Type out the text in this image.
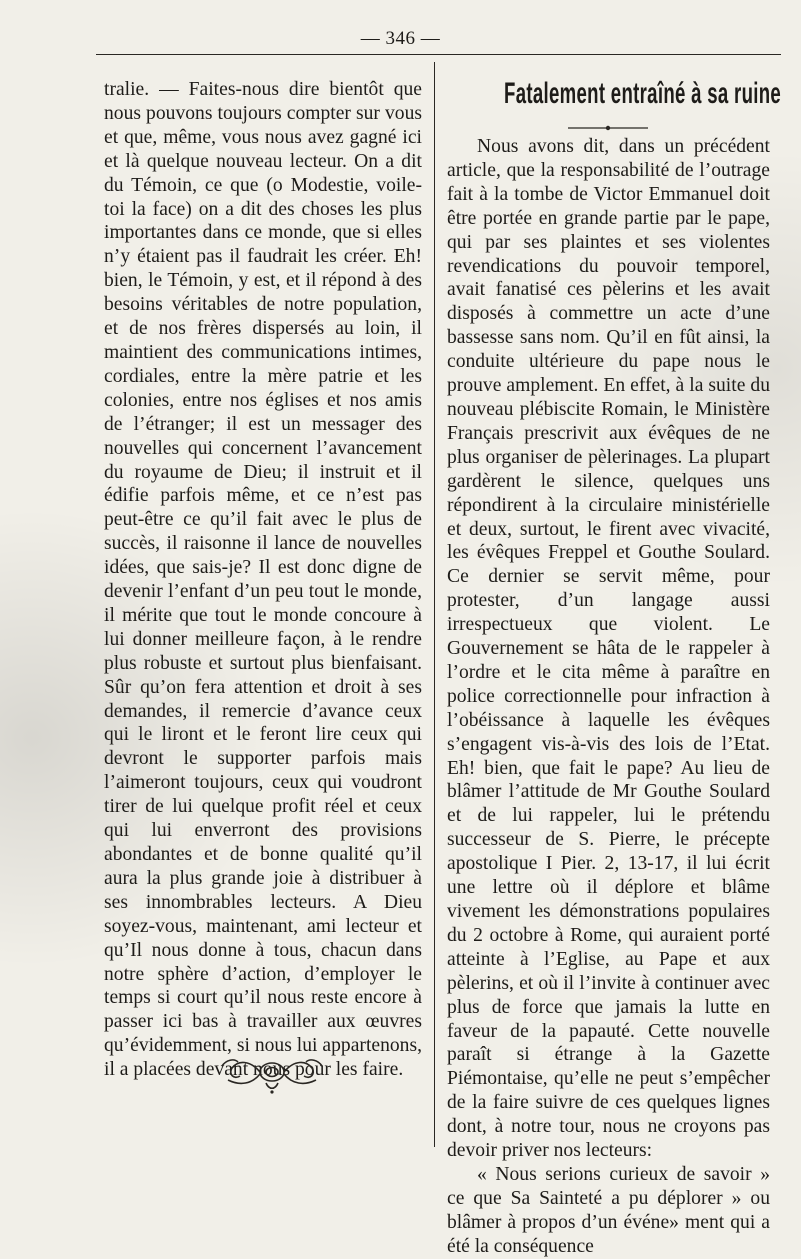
— 346 —

tralie. — Faites-nous dire bientôt que nous pouvons toujours compter sur vous et que, même, vous nous avez gagné ici et là quelque nouveau lecteur. On a dit du Témoin, ce que (o Modestie, voile-toi la face) on a dit des choses les plus importantes dans ce monde, que si elles n’y étaient pas il faudrait les créer. Eh! bien, le Témoin, y est, et il répond à des besoins véritables de notre population, et de nos frères dispersés au loin, il maintient des communications intimes, cordiales, entre la mère patrie et les colonies, entre nos églises et nos amis de l’étranger; il est un messager des nouvelles qui concernent l’avancement du royaume de Dieu; il instruit et il édifie parfois même, et ce n’est pas peut-être ce qu’il fait avec le plus de succès, il raisonne il lance de nouvelles idées, que sais-je? Il est donc digne de devenir l’enfant d’un peu tout le monde, il mérite que tout le monde concoure à lui donner meilleure façon, à le rendre plus robuste et surtout plus bienfaisant. Sûr qu’on fera attention et droit à ses demandes, il remercie d’avance ceux qui le liront et le feront lire ceux qui devront le supporter parfois mais l’aimeront toujours, ceux qui voudront tirer de lui quelque profit réel et ceux qui lui enverront des provisions abondantes et de bonne qualité qu’il aura la plus grande joie à distribuer à ses innombrables lecteurs. A Dieu soyez-vous, maintenant, ami lecteur et qu’Il nous donne à tous, chacun dans notre sphère d’action, d’employer le temps si court qu’il nous reste encore à passer ici bas à travailler aux œuvres qu’évidemment, si nous lui appartenons, il a placées devant nous pour les faire.

Fatalement entraîné à sa ruine

Nous avons dit, dans un précédent article, que la responsabilité de l’outrage fait à la tombe de Victor Emmanuel doit être portée en grande partie par le pape, qui par ses plaintes et ses violentes revendications du pouvoir temporel, avait fanatisé ces pèlerins et les avait disposés à commettre un acte d’une bassesse sans nom. Qu’il en fût ainsi, la conduite ultérieure du pape nous le prouve amplement. En effet, à la suite du nouveau plébiscite Romain, le Ministère Français prescrivit aux évêques de ne plus organiser de pèlerinages. La plupart gardèrent le silence, quelques uns répondirent à la circulaire ministérielle et deux, surtout, le firent avec vivacité, les évêques Freppel et Gouthe Soulard. Ce dernier se servit même, pour protester, d’un langage aussi irrespectueux que violent. Le Gouvernement se hâta de le rappeler à l’ordre et le cita même à paraître en police correctionnelle pour infraction à l’obéissance à laquelle les évêques s’engagent vis-à-vis des lois de l’Etat. Eh! bien, que fait le pape? Au lieu de blâmer l’attitude de Mr Gouthe Soulard et de lui rappeler, lui le prétendu successeur de S. Pierre, le précepte apostolique I Pier. 2, 13-17, il lui écrit une lettre où il déplore et blâme vivement les démonstrations populaires du 2 octobre à Rome, qui auraient porté atteinte à l’Eglise, au Pape et aux pèlerins, et où il l’invite à continuer avec plus de force que jamais la lutte en faveur de la papauté. Cette nouvelle paraît si étrange à la Gazette Piémontaise, qu’elle ne peut s’empêcher de la faire suivre de ces quelques lignes dont, à notre tour, nous ne croyons pas devoir priver nos lecteurs:

« Nous serions curieux de savoir » ce que Sa Sainteté a pu déplorer » ou blâmer à propos d’un événe» ment qui a été la conséquence
